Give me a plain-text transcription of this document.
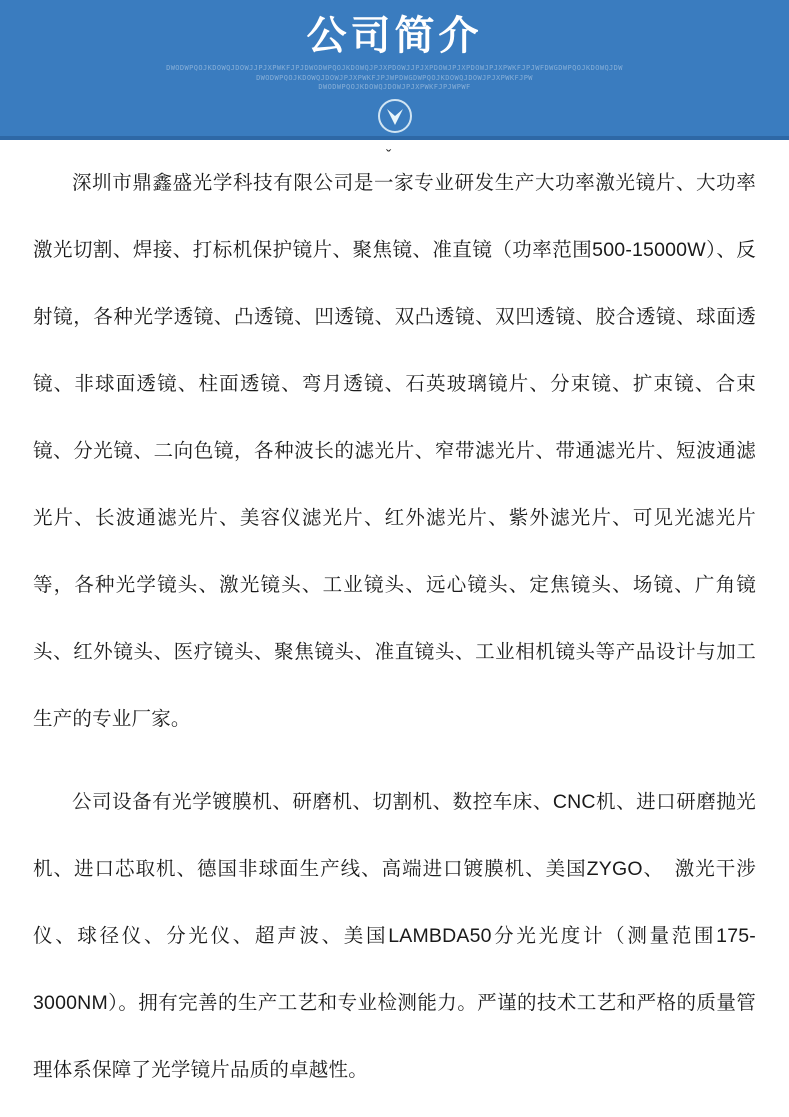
公司简介
DWODWPQOJKDOWQJDOWJJPJXPWKFJPJDWODWPQOJKDOWQJPJXPDOWJJPJXPDOWJPJXPDOWJPJXPWKFJPJWFDWGDWPQOJKDOWQJDW
DWODWPQOJKDOWQJDOWJPJXPWKFJPJWPDWGDWPQOJKDOWQJDOWJPJXPWKFJPW
DWODWPQOJKDOWQJDOWJPJXPWKFJPJWPWF

深圳市鼎鑫盛光学科技有限公司是一家专业研发生产大功率激光镜片、大功率激光切割、焊接、打标机保护镜片、聚焦镜、准直镜（功率范围500-15000W）、反射镜，各种光学透镜、凸透镜、凹透镜、双凸透镜、双凹透镜、胶合透镜、球面透镜、非球面透镜、柱面透镜、弯月透镜、石英玻璃镜片、分束镜、扩束镜、合束镜、分光镜、二向色镜，各种波长的滤光片、窄带滤光片、带通滤光片、短波通滤光片、长波通滤光片、美容仪滤光片、红外滤光片、紫外滤光片、可见光滤光片等，各种光学镜头、激光镜头、工业镜头、远心镜头、定焦镜头、场镜、广角镜头、红外镜头、医疗镜头、聚焦镜头、准直镜头、工业相机镜头等产品设计与加工生产的专业厂家。

公司设备有光学镀膜机、研磨机、切割机、数控车床、CNC机、进口研磨抛光机、进口芯取机、德国非球面生产线、高端进口镀膜机、美国ZYGO、　激光干涉仪、球径仪、分光仪、超声波、美国LAMBDA50分光光度计（测量范围175-3000NM）。拥有完善的生产工艺和专业检测能力。严谨的技术工艺和严格的质量管理体系保障了光学镜片品质的卓越性。

ˇ
